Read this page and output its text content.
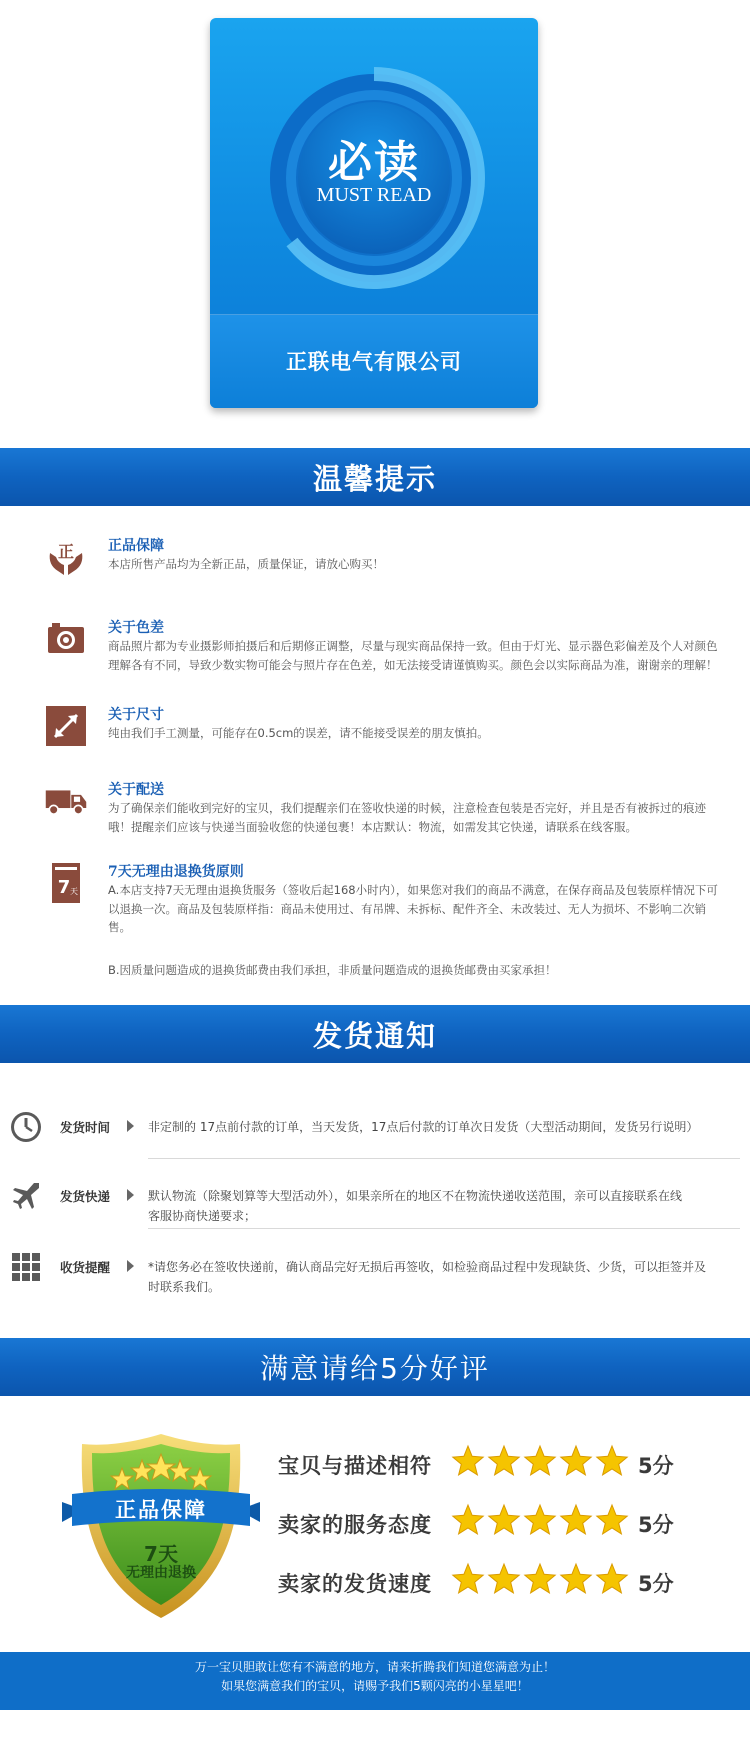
必读
MUST READ
正联电气有限公司
温馨提示
正 正品保障
本店所售产品均为全新正品，质量保证，请放心购买！
关于色差
商品照片都为专业摄影师拍摄后和后期修正调整，尽量与现实商品保持一致。但由于灯光、显示器色彩偏差及个人对颜色理解各有不同，导致少数实物可能会与照片存在色差，如无法接受请谨慎购买。颜色会以实际商品为准，谢谢亲的理解！
关于尺寸
纯由我们手工测量，可能存在0.5cm的误差，请不能接受误差的朋友慎拍。
关于配送
为了确保亲们能收到完好的宝贝，我们提醒亲们在签收快递的时候，注意检查包装是否完好，并且是否有被拆过的痕迹哦！提醒亲们应该与快递当面验收您的快递包裹！本店默认：物流，如需发其它快递，请联系在线客服。
7 天
7天无理由退换货原则
A.本店支持7天无理由退换货服务（签收后起168小时内），如果您对我们的商品不满意，在保存商品及包装原样情况下可以退换一次。商品及包装原样指：商品未使用过、有吊牌、未拆标、配件齐全、未改装过、无人为损坏、不影响二次销售。
B.因质量问题造成的退换货邮费由我们承担，非质量问题造成的退换货邮费由买家承担！
发货通知
发货时间	非定制的 17点前付款的订单，当天发货，17点后付款的订单次日发货（大型活动期间，发货另行说明）
发货快递	默认物流（除聚划算等大型活动外），如果亲所在的地区不在物流快递收送范围，亲可以直接联系在线客服协商快递要求；
收货提醒	*请您务必在签收快递前，确认商品完好无损后再签收，如检验商品过程中发现缺货、少货，可以拒签并及时联系我们。
满意请给5分好评
正品保障
7天
无理由退换
宝贝与描述相符	5分
卖家的服务态度	5分
卖家的发货速度	5分
万一宝贝胆敢让您有不满意的地方，请来折腾我们知道您满意为止！
如果您满意我们的宝贝，请赐予我们5颗闪亮的小星星吧！
